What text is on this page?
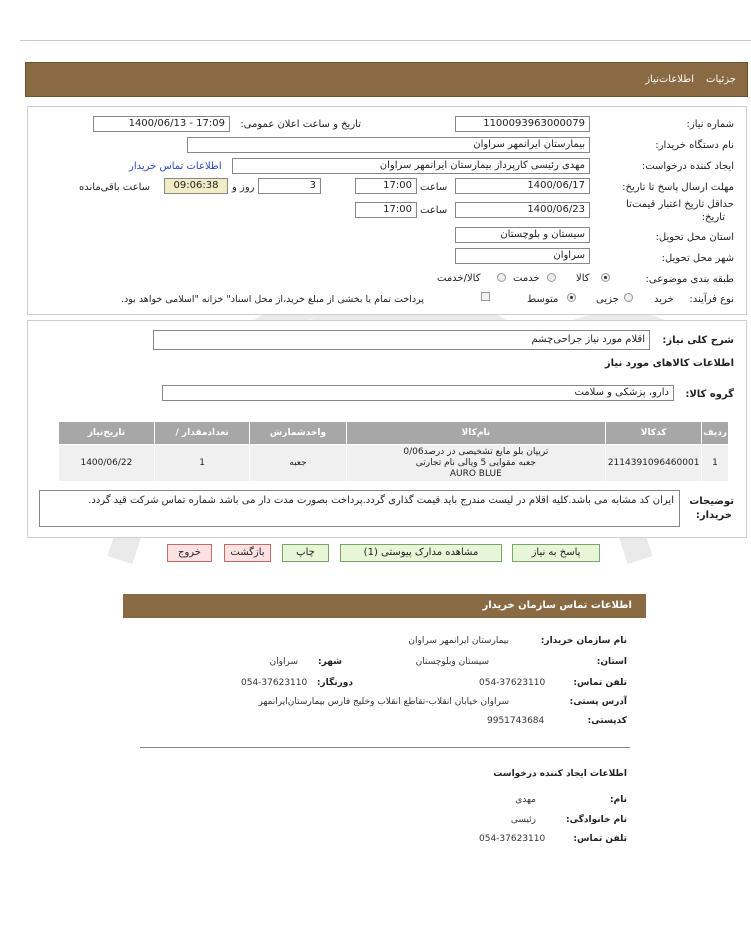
جزئیات
اطلاعات‌نیاز
شماره نیاز:
1100093963000079
تاریخ و ساعت اعلان عمومی:
1400/06/13 - 17:09
نام دستگاه خریدار:
بیمارستان ایرانمهر سراوان
ایجاد کننده درخواست:
مهدی رئیسی کارپرداز بیمارستان ایرانمهر سراوان
اطلاعات تماس خریدار
مهلت ارسال پاسخ تا تاریخ:
1400/06/17
ساعت
17:00
3
روز و
09:06:38
ساعت باقی‌مانده
حداقل تاریخ اعتبار قیمت‌تا
تاریخ:
1400/06/23
ساعت
17:00
استان محل تحویل:
سیستان و بلوچستان
شهر محل تحویل:
سراوان
طبقه بندی موضوعی:
کالا
خدمت
کالا/خدمت
نوع فرآیند:
خرید
جزیی
متوسط
پرداخت تمام یا بخشی از مبلغ خرید،از محل اسناد" خزانه "اسلامی خواهد بود.
شرح کلی نیاز:
اقلام مورد نیاز جراحی‌چشم
اطلاعات کالاهای مورد نیاز
گروه کالا:
دارو، پزشکی و سلامت
ردیف	کدکالا	نام‌کالا	واحدشمارش	تعدادمقدار /	تاریخ‌نیاز
1	2114391096460001	تریپان بلو مایع تشخیصی در درصد0/06
جعبه مقوایی 5 ویالی نام تجارتی
AURO BLUE	جعبه	1	1400/06/22
توضیحات
خریدار:
ایران کد مشابه می باشد.کلیه اقلام در لیست مندرج باید قیمت گذاری گردد.پرداخت بصورت مدت دار می باشد شماره تماس شرکت قید گردد.
پاسخ به نیاز
مشاهده مدارک پیوستی (1)
چاپ
بازگشت
خروج
اطلاعات تماس سازمان خریدار
نام سازمان خریدار:
بیمارستان ایرانمهر سراوان
استان:
سیستان وبلوچستان
شهر:
سراوان
تلفن تماس:
054-37623110
دورنگار:
054-37623110
آدرس پستی:
سراوان خیابان انقلاب-تقاطع انقلاب وخلیج فارس بیمارستان‌ایرانمهر
کدپستی:
9951743684
اطلاعات ایجاد کننده درخواست
نام:
مهدی
نام خانوادگی:
رئیسی
تلفن تماس:
054-37623110
